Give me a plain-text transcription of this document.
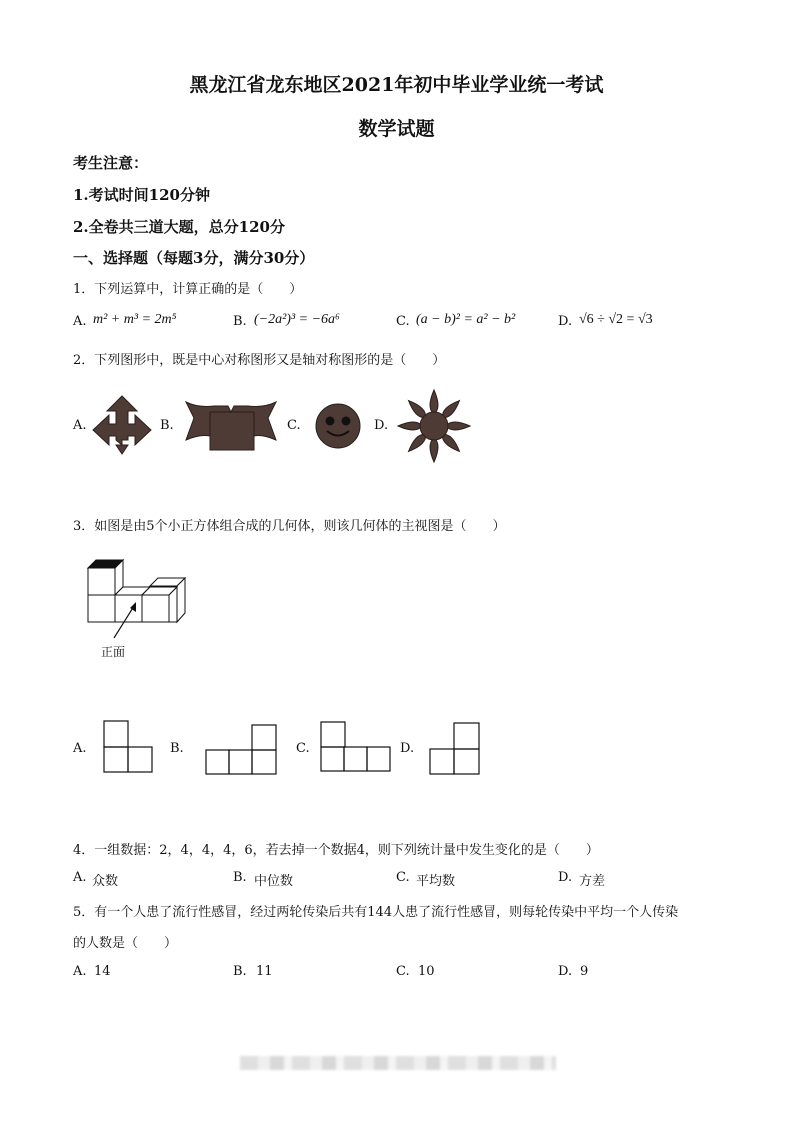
黑龙江省龙东地区2021年初中毕业学业统一考试
数学试题
考生注意：
1.考试时间120分钟
2.全卷共三道大题，总分120分
一、选择题（每题3分，满分30分）
1．下列运算中，计算正确的是（　　）
A. m² + m³ = 2m⁵	B. (−2a²)³ = −6a⁶	C. (a − b)² = a² − b²	D. √6 ÷ √2 = √3
2．下列图形中，既是中心对称图形又是轴对称图形的是（　　）
A.	B.	C.	D.
3．如图是由5个小正方体组合成的几何体，则该几何体的主视图是（　　）
正面
A.	B.	C.	D.
4．一组数据：2，4，4，4，6，若去掉一个数据4，则下列统计量中发生变化的是（　　）
A. 众数	B. 中位数	C. 平均数	D. 方差
5．有一个人患了流行性感冒，经过两轮传染后共有144人患了流行性感冒，则每轮传染中平均一个人传染
的人数是（　　）
A. 14	B. 11	C. 10	D. 9
